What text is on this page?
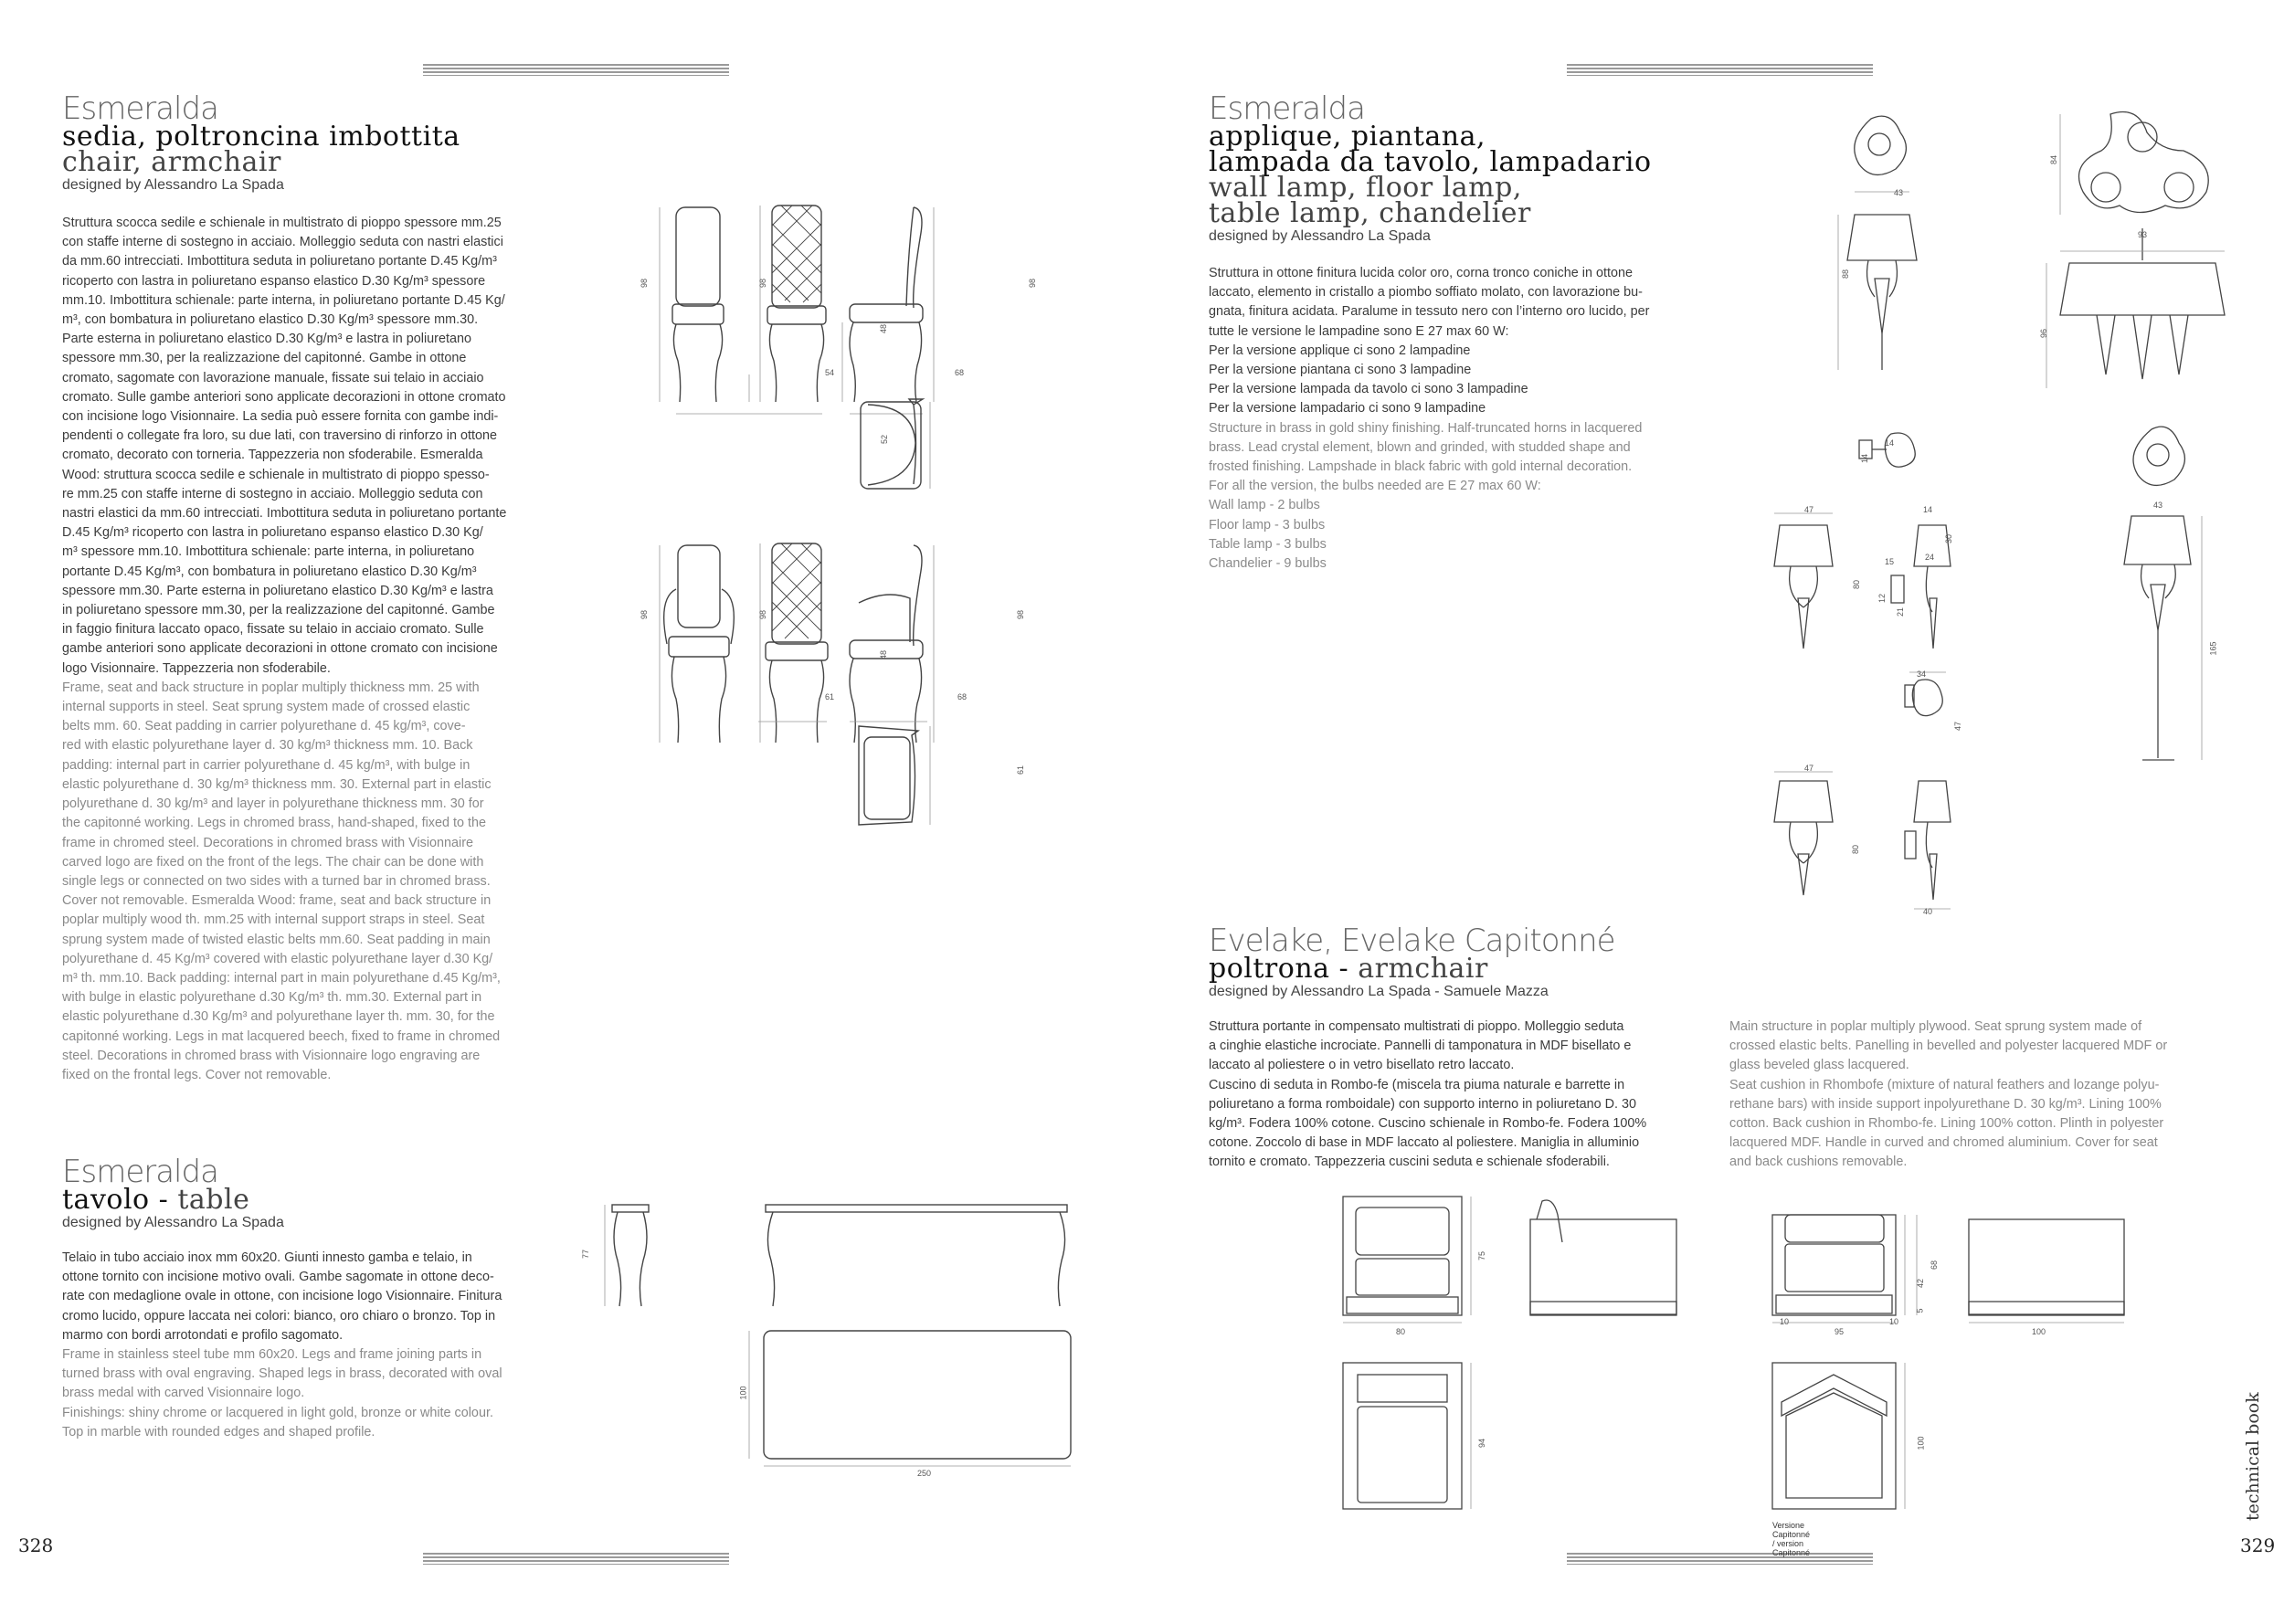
328	329
technical book
Esmeralda
sedia, poltroncina imbottita
chair, armchair
designed by Alessandro La Spada

Struttura scocca sedile e schienale in multistrato di pioppo spessore mm.25
con staffe interne di sostegno in acciaio. Molleggio seduta con nastri elastici
da mm.60 intrecciati. Imbottitura seduta in poliuretano portante D.45 Kg/m³
ricoperto con lastra in poliuretano espanso elastico D.30 Kg/m³ spessore
mm.10. Imbottitura schienale: parte interna, in poliuretano portante D.45 Kg/
m³, con bombatura in poliuretano elastico D.30 Kg/m³ spessore mm.30.
Parte esterna in poliuretano elastico D.30 Kg/m³ e lastra in poliuretano
spessore mm.30, per la realizzazione del capitonné. Gambe in ottone
cromato, sagomate con lavorazione manuale, fissate sui telaio in acciaio
cromato. Sulle gambe anteriori sono applicate decorazioni in ottone cromato
con incisione logo Visionnaire. La sedia può essere fornita con gambe indi-
pendenti o collegate fra loro, su due lati, con traversino di rinforzo in ottone
cromato, decorato con torneria. Tappezzeria non sfoderabile. Esmeralda
Wood: struttura scocca sedile e schienale in multistrato di pioppo spesso-
re mm.25 con staffe interne di sostegno in acciaio. Molleggio seduta con
nastri elastici da mm.60 intrecciati. Imbottitura seduta in poliuretano portante
D.45 Kg/m³ ricoperto con lastra in poliuretano espanso elastico D.30 Kg/
m³ spessore mm.10. Imbottitura schienale: parte interna, in poliuretano
portante D.45 Kg/m³, con bombatura in poliuretano elastico D.30 Kg/m³
spessore mm.30. Parte esterna in poliuretano elastico D.30 Kg/m³ e lastra
in poliuretano spessore mm.30, per la realizzazione del capitonné. Gambe
in faggio finitura laccato opaco, fissate su telaio in acciaio cromato. Sulle
gambe anteriori sono applicate decorazioni in ottone cromato con incisione
logo Visionnaire. Tappezzeria non sfoderabile.

Frame, seat and back structure in poplar multiply thickness mm. 25 with
internal supports in steel. Seat sprung system made of crossed elastic
belts mm. 60. Seat padding in carrier polyurethane d. 45 kg/m³, cove-
red with elastic polyurethane layer d. 30 kg/m³ thickness mm. 10. Back
padding: internal part in carrier polyurethane d. 45 kg/m³, with bulge in
elastic polyurethane d. 30 kg/m³ thickness mm. 30. External part in elastic
polyurethane d. 30 kg/m³ and layer in polyurethane thickness mm. 30 for
the capitonné working. Legs in chromed brass, hand-shaped, fixed to the
frame in chromed steel. Decorations in chromed brass with Visionnaire
carved logo are fixed on the front of the legs. The chair can be done with
single legs or connected on two sides with a turned bar in chromed brass.
Cover not removable. Esmeralda Wood: frame, seat and back structure in
poplar multiply wood th. mm.25 with internal support straps in steel. Seat
sprung system made of twisted elastic belts mm.60. Seat padding in main
polyurethane d. 45 Kg/m³ covered with elastic polyurethane layer d.30 Kg/
m³ th. mm.10. Back padding: internal part in main polyurethane d.45 Kg/m³,
with bulge in elastic polyurethane d.30 Kg/m³ th. mm.30. External part in
elastic polyurethane d.30 Kg/m³ and polyurethane layer th. mm. 30, for the
capitonné working. Legs in mat lacquered beech, fixed to frame in chromed
steel. Decorations in chromed brass with Visionnaire logo engraving are
fixed on the frontal legs. Cover not removable.

98	98	98
48
54	68
52
98	98	98
48
61	68
61
Esmeralda
tavolo - table
designed by Alessandro La Spada

Telaio in tubo acciaio inox mm 60x20. Giunti innesto gamba e telaio, in
ottone tornito con incisione motivo ovali. Gambe sagomate in ottone deco-
rate con medaglione ovale in ottone, con incisione logo Visionnaire. Finitura
cromo lucido, oppure laccata nei colori: bianco, oro chiaro o bronzo. Top in
marmo con bordi arrotondati e profilo sagomato.

Frame in stainless steel tube mm 60x20. Legs and frame joining parts in
turned brass with oval engraving. Shaped legs in brass, decorated with oval
brass medal with carved Visionnaire logo.
Finishings: shiny chrome or lacquered in light gold, bronze or white colour.
Top in marble with rounded edges and shaped profile.

77
100
250
Esmeralda
applique, piantana,
lampada da tavolo, lampadario
wall lamp, floor lamp,
table lamp, chandelier
designed by Alessandro La Spada

Struttura in ottone finitura lucida color oro, corna tronco coniche in ottone
laccato, elemento in cristallo a piombo soffiato molato, con lavorazione bu-
gnata, finitura acidata. Paralume in tessuto nero con l’interno oro lucido, per
tutte le versione le lampadine sono E 27 max 60 W:
Per la versione applique ci sono 2 lampadine
Per la versione piantana ci sono 3 lampadine
Per la versione lampada da tavolo ci sono 3 lampadine
Per la versione lampadario ci sono 9 lampadine

Structure in brass in gold shiny finishing. Half-truncated horns in lacquered
brass. Lead crystal element, blown and grinded, with studded shape and
frosted finishing. Lampshade in black fabric with gold internal decoration.
For all the version, the bulbs needed are E 27 max 60 W:
Wall lamp - 2 bulbs
Floor lamp - 3 bulbs
Table lamp - 3 bulbs
Chandelier - 9 bulbs

43
88
84
93
96
14
14
47	14
30
80
15	24
21
12
43
165
34
47
47
80
40
Evelake, Evelake Capitonné
poltrona - armchair
designed by Alessandro La Spada - Samuele Mazza

Struttura portante in compensato multistrati di pioppo. Molleggio seduta
a cinghie elastiche incrociate. Pannelli di tamponatura in MDF bisellato e
laccato al poliestere o in vetro bisellato retro laccato.
Cuscino di seduta in Rombo-fe (miscela tra piuma naturale e barrette in
poliuretano a forma romboidale) con supporto interno in poliuretano D. 30
kg/m³. Fodera 100% cotone. Cuscino schienale in Rombo-fe. Fodera 100%
cotone. Zoccolo di base in MDF laccato al poliestere. Maniglia in alluminio
tornito e cromato. Tappezzeria cuscini seduta e schienale sfoderabili.

Main structure in poplar multiply plywood. Seat sprung system made of
crossed elastic belts. Panelling in bevelled and polyester lacquered MDF or
glass beveled glass lacquered.
Seat cushion in Rhombofe (mixture of natural feathers and lozange polyu-
rethane bars) with inside support inpolyurethane D. 30 kg/m³. Lining 100%
cotton. Back cushion in Rhombo-fe. Lining 100% cotton. Plinth in polyester
lacquered MDF. Handle in curved and chromed aluminium. Cover for seat
and back cushions removable.

80
75
94
10
95
10
68
42
5
100
100
Versione Capitonné / version Capitonné
